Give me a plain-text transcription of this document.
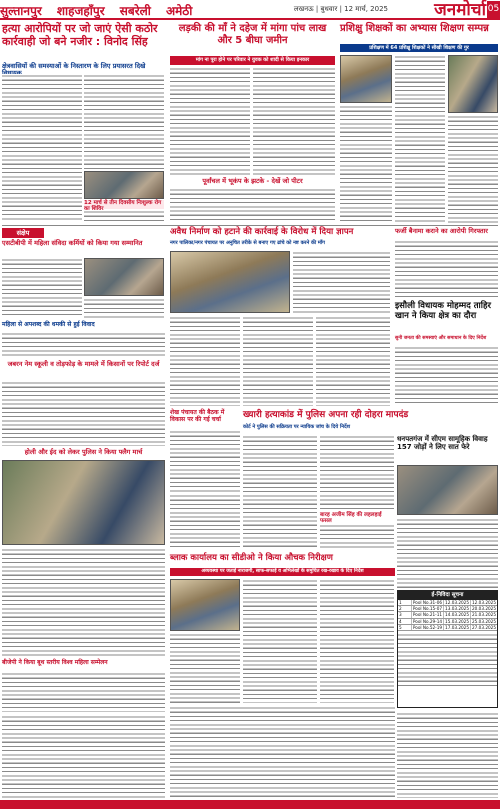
सुल्तानपुर शाहजहाँपुर सबरेली अमेठी	लखनऊ | बुधवार | 12 मार्च, 2025	जनमोर्चा 05
हत्या आरोपियों पर जो जाएं ऐसी कठोर कार्रवाही जो बने नजीर : विनोद सिंह
क्षेत्रवासियों की समस्याओं के निस्तारण के लिए प्रयासरत दिखे
12 मार्च से तीन दिवसीय निःशुल्क रोग
लड़की की माँ ने दहेज में मांगा पांच लाख और 5 बीघा जमीन
मांग ना पूरा होने पर परिवार ने युवक को शादी से किया इनकार
पूर्वांचल में भूकंप के झटके - देखें जो पीटर
प्रशिक्षु शिक्षकों का अभ्यास शिक्षण सम्पन्न
प्रशिक्षण में 64 प्रशिक्षु शिक्षकों ने सीखी शिक्षण की गुर
संक्षेप
एसटीबीपी में महिला संविदा कर्मियों को किया गया सम्मानित
महिला से अपशब्द की धमकी से हुई विवाद
जबरन नेम स्कूली व तोड़फोड़ के मामले में किसानों पर रिपोर्ट दर्ज
होली और ईद को लेकर पुलिस ने किया फ्लैग मार्च
अवैध निर्माण को हटाने की कार्रवाई के विरोध में दिया ज्ञापन
नगर पालिका/नगर पंचायत पर अनुचित तरीके से बनाए गए ढांचे को नष्ट करने की माँग
फर्जी बैनामा कराने का आरोपी गिरफ्तार
इसौली विधायक मोहम्मद ताहिर खान ने किया क्षेत्र का दौरा
सुनी जनता की समस्याएं और समाधान के दिए निर्देश
शेख पंचायत की बैठक में विकास पर की गई चर्चा	ख्यारी हत्याकांड में पुलिस अपना रही दोहरा मापदंड
कोर्ट ने पुलिस की सक्रियता पर न्यायिक जांच के दिये निर्देश
बारह अजीम सिंह की लहलहाई फसल
धनपतगंज में सीएम सामूहिक विवाह 157 जोड़ों ने लिए सात फेरे
ब्लाक कार्यालय का सीडीओ ने किया औचक निरीक्षण
अव्यवस्था पर जताई नाराजगी, साफ-सफाई व अभिलेखों के समुचित रख-रखाव के दिए निर्देश
ई-निविदा सूचना
1	Pool No.31-06 12.03.2025 12.03.2025
2	Pool No.15-07 13.03.2025 20.03.2025
3	Pool No.21-11 14.03.2025 21.03.2025
4	Pool No.29-14 15.03.2025 25.03.2025
5	Pool No.52-19 17.03.2025 27.03.2025
बीजेपी ने किया बूथ स्तरीय विश्व महिला सम्मेलन
